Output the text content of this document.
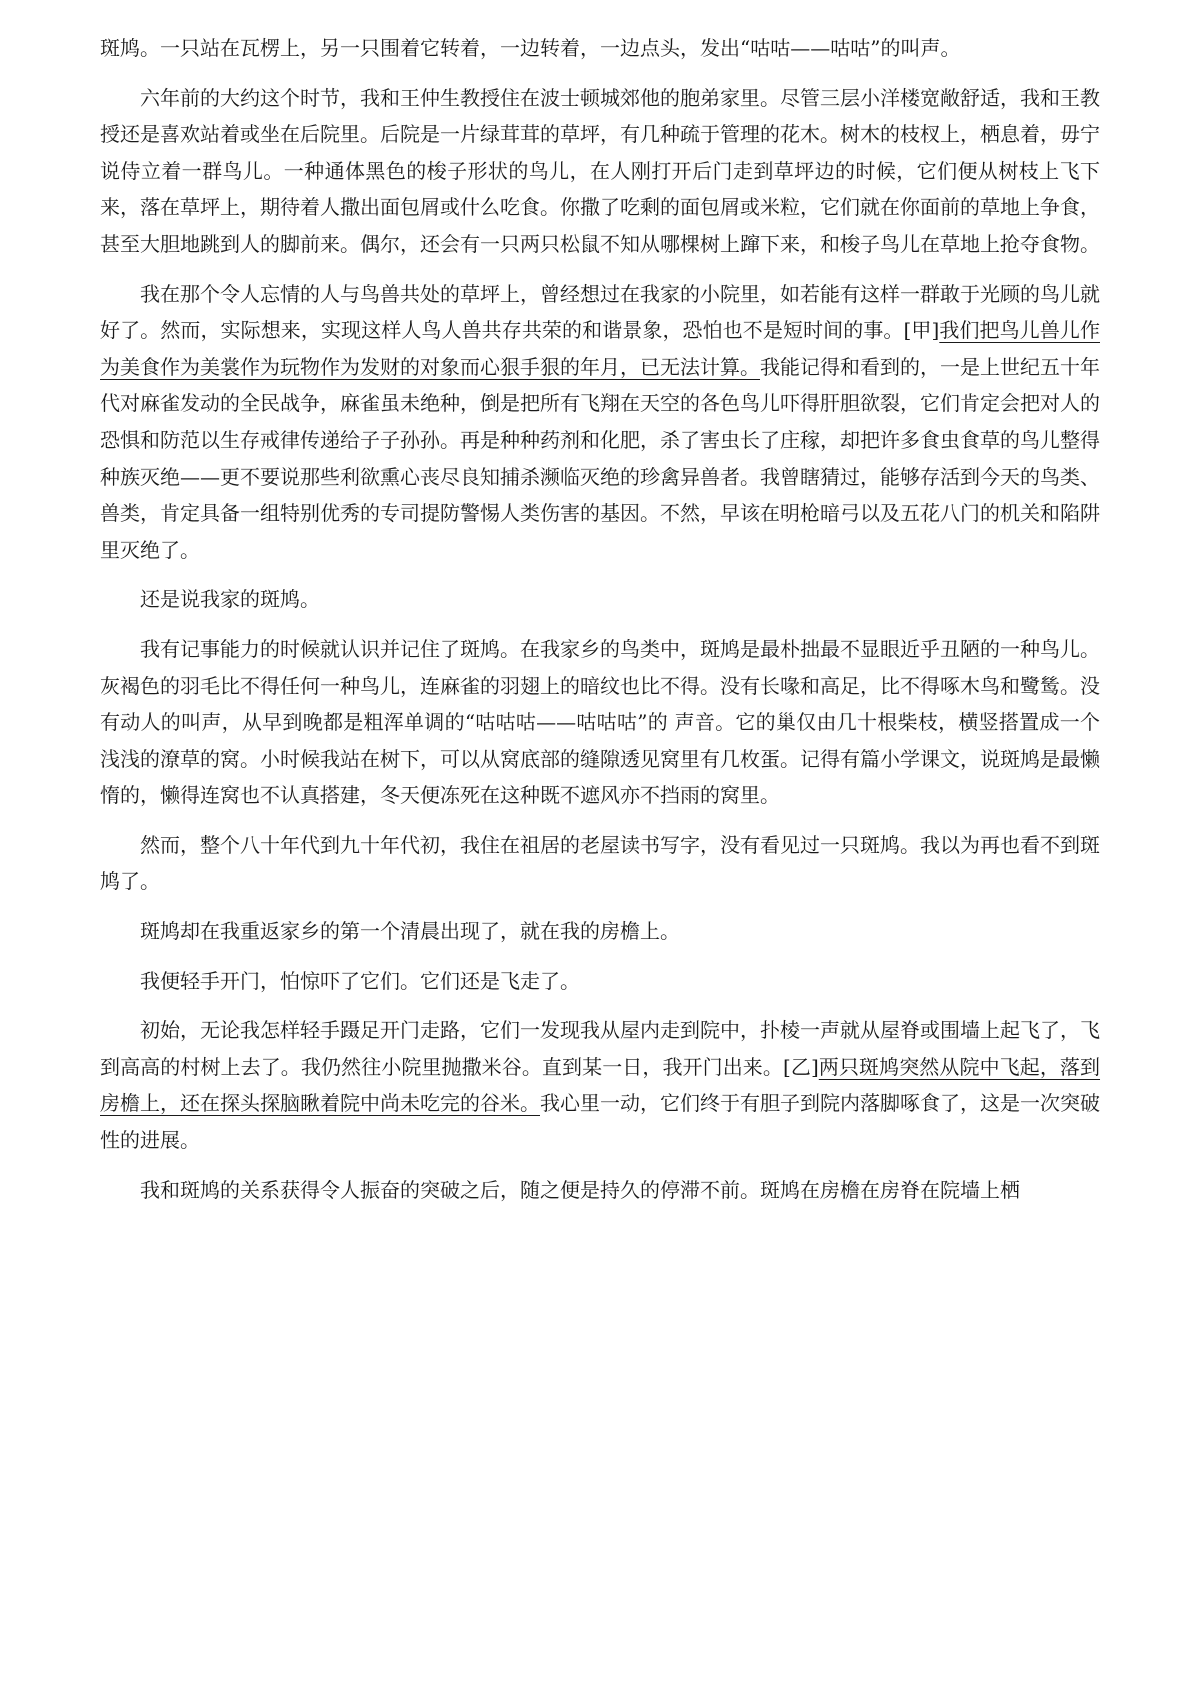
斑鸠。一只站在瓦楞上，另一只围着它转着，一边转着，一边点头，发出“咕咕——咕咕”的叫声。

六年前的大约这个时节，我和王仲生教授住在波士顿城郊他的胞弟家里。尽管三层小洋楼宽敞舒适，我和王教授还是喜欢站着或坐在后院里。后院是一片绿茸茸的草坪，有几种疏于管理的花木。树木的枝杈上，栖息着，毋宁说侍立着一群鸟儿。一种通体黑色的梭子形状的鸟儿，在人刚打开后门走到草坪边的时候，它们便从树枝上飞下来，落在草坪上，期待着人撒出面包屑或什么吃食。你撒了吃剩的面包屑或米粒，它们就在你面前的草地上争食，甚至大胆地跳到人的脚前来。偶尔，还会有一只两只松鼠不知从哪棵树上蹿下来，和梭子鸟儿在草地上抢夺食物。

我在那个令人忘情的人与鸟兽共处的草坪上，曾经想过在我家的小院里，如若能有这样一群敢于光顾的鸟儿就好了。然而，实际想来，实现这样人鸟人兽共存共荣的和谐景象，恐怕也不是短时间的事。[甲]我们把鸟儿兽儿作为美食作为美裳作为玩物作为发财的对象而心狠手狠的年月，已无法计算。我能记得和看到的，一是上世纪五十年代对麻雀发动的全民战争，麻雀虽未绝种，倒是把所有飞翔在天空的各色鸟儿吓得肝胆欲裂，它们肯定会把对人的恐惧和防范以生存戒律传递给子子孙孙。再是种种药剂和化肥，杀了害虫长了庄稼，却把许多食虫食草的鸟儿整得种族灭绝——更不要说那些利欲熏心丧尽良知捕杀濒临灭绝的珍禽异兽者。我曾瞎猜过，能够存活到今天的鸟类、兽类，肯定具备一组特别优秀的专司提防警惕人类伤害的基因。不然，早该在明枪暗弓以及五花八门的机关和陷阱里灭绝了。

还是说我家的斑鸠。

我有记事能力的时候就认识并记住了斑鸠。在我家乡的鸟类中，斑鸠是最朴拙最不显眼近乎丑陋的一种鸟儿。灰褐色的羽毛比不得任何一种鸟儿，连麻雀的羽翅上的暗纹也比不得。没有长喙和高足，比不得啄木鸟和鹭鸶。没有动人的叫声，从早到晚都是粗浑单调的“咕咕咕——咕咕咕”的 声音。它的巢仅由几十根柴枝，横竖搭置成一个浅浅的潦草的窝。小时候我站在树下，可以从窝底部的缝隙透见窝里有几枚蛋。记得有篇小学课文，说斑鸠是最懒惰的，懒得连窝也不认真搭建，冬天便冻死在这种既不遮风亦不挡雨的窝里。

然而，整个八十年代到九十年代初，我住在祖居的老屋读书写字，没有看见过一只斑鸠。我以为再也看不到斑鸠了。

斑鸠却在我重返家乡的第一个清晨出现了，就在我的房檐上。

我便轻手开门，怕惊吓了它们。它们还是飞走了。

初始，无论我怎样轻手蹑足开门走路，它们一发现我从屋内走到院中，扑棱一声就从屋脊或围墙上起飞了，飞到高高的村树上去了。我仍然往小院里抛撒米谷。直到某一日，我开门出来。[乙]两只斑鸠突然从院中飞起，落到房檐上，还在探头探脑瞅着院中尚未吃完的谷米。我心里一动，它们终于有胆子到院内落脚啄食了，这是一次突破性的进展。

我和斑鸠的关系获得令人振奋的突破之后，随之便是持久的停滞不前。斑鸠在房檐在房脊在院墙上栖
